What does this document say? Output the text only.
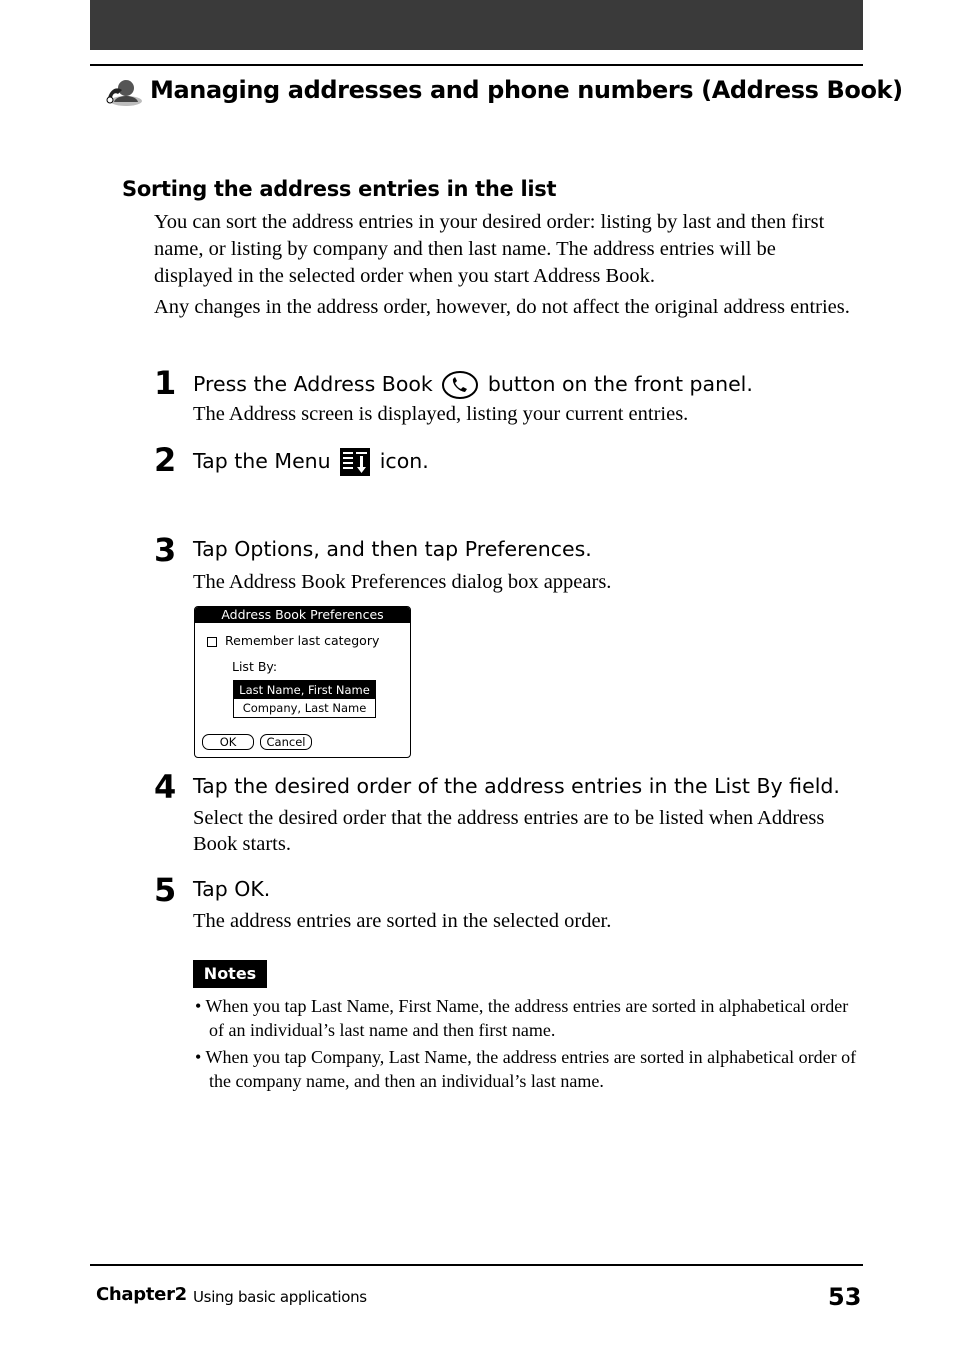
Managing addresses and phone numbers (Address Book)
Sorting the address entries in the list

You can sort the address entries in your desired order: listing by last and then first name, or listing by company and then last name. The address entries will be displayed in the selected order when you start Address Book.

Any changes in the address order, however, do not affect the original address entries.

1 Press the Address Book	button on the front panel.

The Address screen is displayed, listing your current entries.

2 Tap the Menu icon.
3 Tap Options, and then tap Preferences.

The Address Book Preferences dialog box appears.

Address Book Preferences
Remember last category
List By:
Last Name, First Name
Company, Last Name
OK	Cancel
4 Tap the desired order of the address entries in the List By field.

Select the desired order that the address entries are to be listed when Address Book starts.

5 Tap OK.

The address entries are sorted in the selected order.

Notes

• When you tap Last Name, First Name, the address entries are sorted in alphabetical order of an individual’s last name and then first name.

• When you tap Company, Last Name, the address entries are sorted in alphabetical order of the company name, and then an individual’s last name.

Chapter2 Using basic applications	53
